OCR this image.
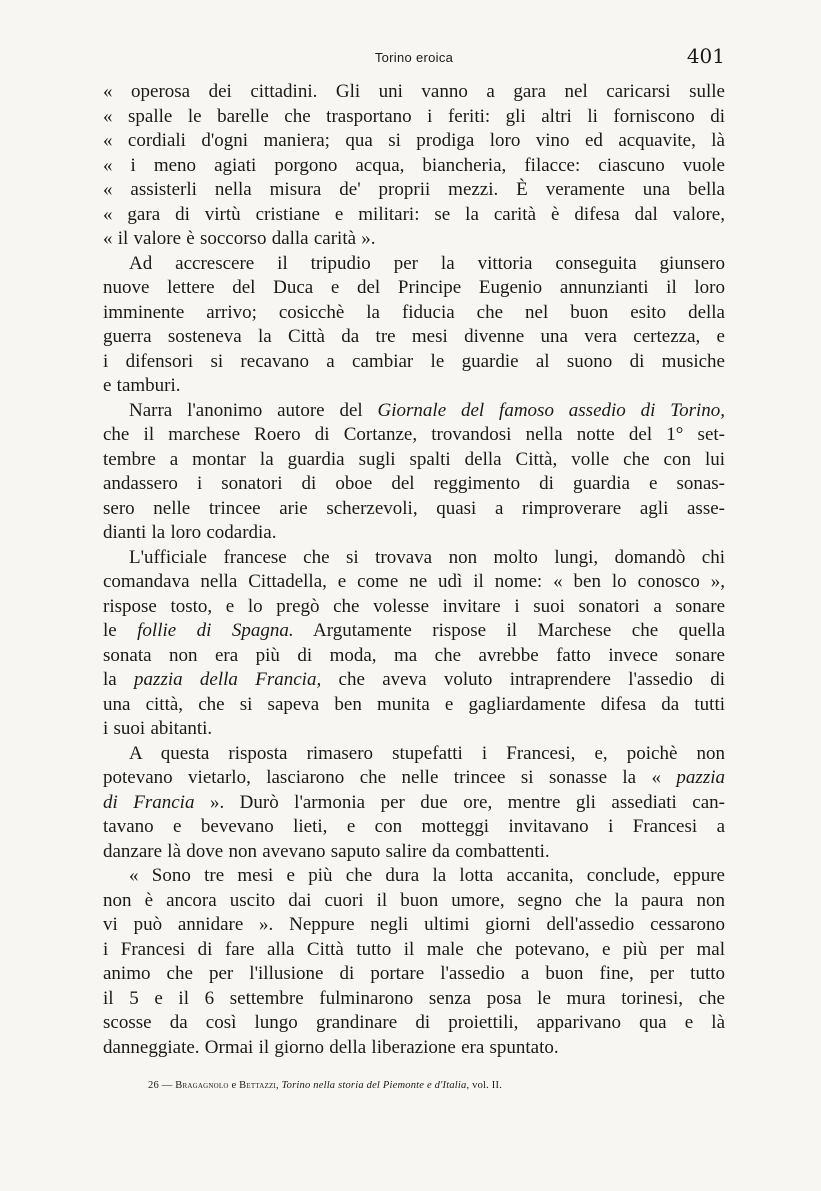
Torino eroica	401
« operosa dei cittadini. Gli uni vanno a gara nel caricarsi sulle
« spalle le barelle che trasportano i feriti: gli altri li forniscono di
« cordiali d'ogni maniera; qua si prodiga loro vino ed acquavite, là
« i meno agiati porgono acqua, biancheria, filacce: ciascuno vuole
« assisterli nella misura de' proprii mezzi. È veramente una bella
« gara di virtù cristiane e militari: se la carità è difesa dal valore,
« il valore è soccorso dalla carità ».
Ad accrescere il tripudio per la vittoria conseguita giunsero
nuove lettere del Duca e del Principe Eugenio annunzianti il loro
imminente arrivo; cosicchè la fiducia che nel buon esito della
guerra sosteneva la Città da tre mesi divenne una vera certezza, e
i difensori si recavano a cambiar le guardie al suono di musiche
e tamburi.
Narra l'anonimo autore del Giornale del famoso assedio di Torino,
che il marchese Roero di Cortanze, trovandosi nella notte del 1° set-
tembre a montar la guardia sugli spalti della Città, volle che con lui
andassero i sonatori di oboe del reggimento di guardia e sonas-
sero nelle trincee arie scherzevoli, quasi a rimproverare agli asse-
dianti la loro codardia.
L'ufficiale francese che si trovava non molto lungi, domandò chi
comandava nella Cittadella, e come ne udì il nome: « ben lo conosco »,
rispose tosto, e lo pregò che volesse invitare i suoi sonatori a sonare
le follie di Spagna. Argutamente rispose il Marchese che quella
sonata non era più di moda, ma che avrebbe fatto invece sonare
la pazzia della Francia, che aveva voluto intraprendere l'assedio di
una città, che si sapeva ben munita e gagliardamente difesa da tutti
i suoi abitanti.
A questa risposta rimasero stupefatti i Francesi, e, poichè non
potevano vietarlo, lasciarono che nelle trincee si sonasse la « pazzia
di Francia ». Durò l'armonia per due ore, mentre gli assediati can-
tavano e bevevano lieti, e con motteggi invitavano i Francesi a
danzare là dove non avevano saputo salire da combattenti.
« Sono tre mesi e più che dura la lotta accanita, conclude, eppure
non è ancora uscito dai cuori il buon umore, segno che la paura non
vi può annidare ». Neppure negli ultimi giorni dell'assedio cessarono
i Francesi di fare alla Città tutto il male che potevano, e più per mal
animo che per l'illusione di portare l'assedio a buon fine, per tutto
il 5 e il 6 settembre fulminarono senza posa le mura torinesi, che
scosse da così lungo grandinare di proiettili, apparivano qua e là
danneggiate. Ormai il giorno della liberazione era spuntato.
26 — Bragagnolo e Bettazzi, Torino nella storia del Piemonte e d'Italia, vol. II.
